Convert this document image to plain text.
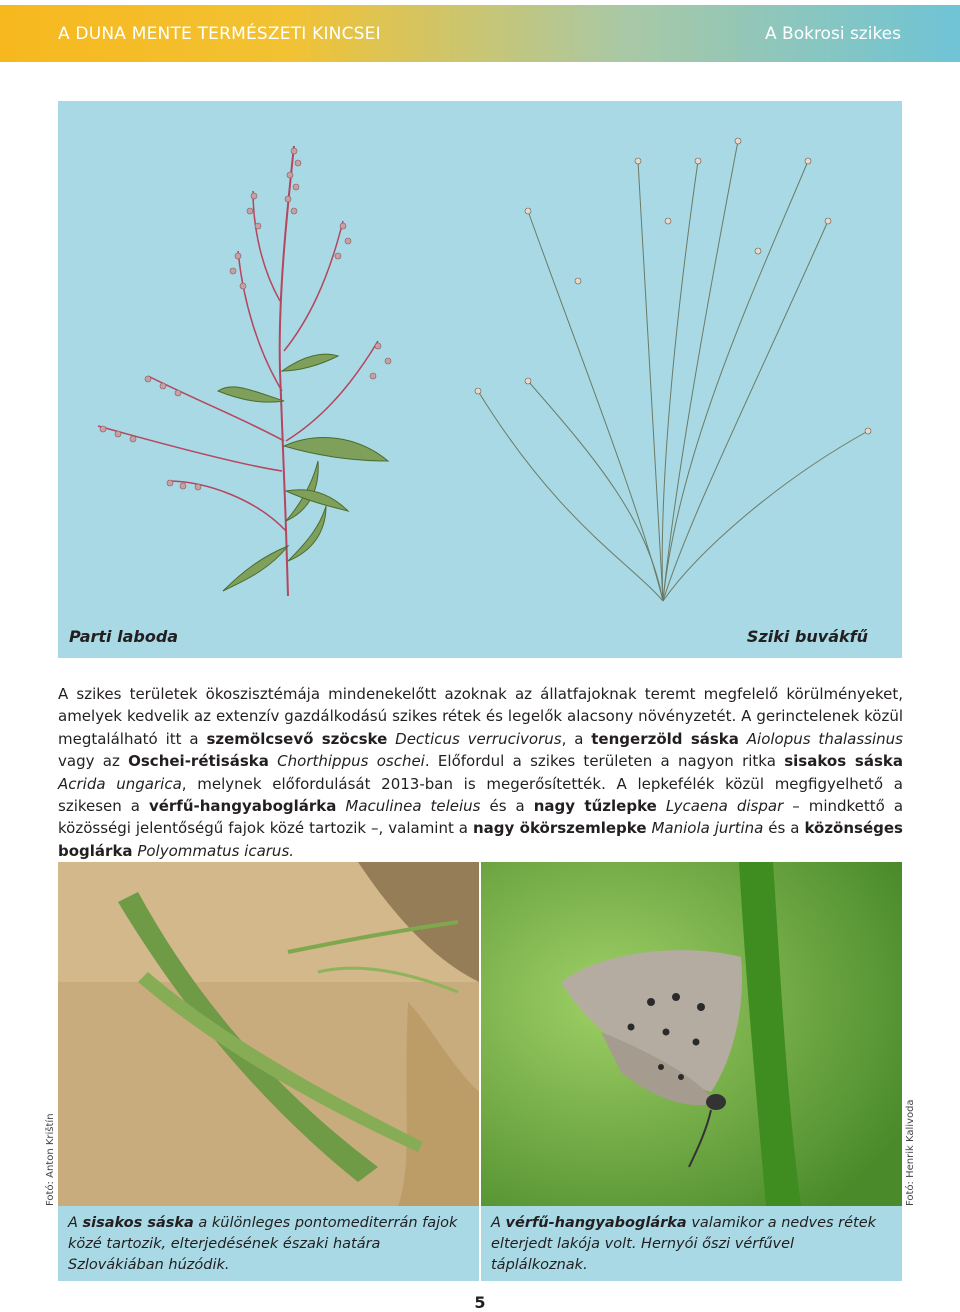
A DUNA MENTE TERMÉSZETI KINCSEI	A Bokrosi szikes
Parti laboda	Sziki buvákfű
A szikes területek ökoszisztémája mindenekelőtt azoknak az állatfajoknak teremt megfelelő körülményeket, amelyek kedvelik az extenzív gazdálkodású szikes rétek és legelők alacsony növényzetét. A gerinctelenek közül megtalálható itt a szemölcsevő szöcske Decticus verrucivorus, a tengerzöld sáska Aiolopus thalassinus vagy az Oschei-rétisáska Chorthippus oschei. Előfordul a szikes területen a nagyon ritka sisakos sáska Acrida ungarica, melynek előfordulását 2013-ban is megerősítették. A lepkefélék közül megfigyelhető a szikesen a vérfű-hangyaboglárka Maculinea teleius és a nagy tűzlepke Lycaena dispar – mindkettő a közösségi jelentőségű fajok közé tartozik –, valamint a nagy ökörszemlepke Maniola jurtina és a közönséges boglárka Polyommatus icarus.
Fotó: Anton Krištín	Fotó: Henrik Kalivoda
A sisakos sáska a különleges pontomediterrán fajok közé tartozik, elterjedésének északi határa Szlovákiában húzódik.
A vérfű-hangyaboglárka valamikor a nedves rétek elterjedt lakója volt. Hernyói őszi vérfűvel táplálkoznak.
5
